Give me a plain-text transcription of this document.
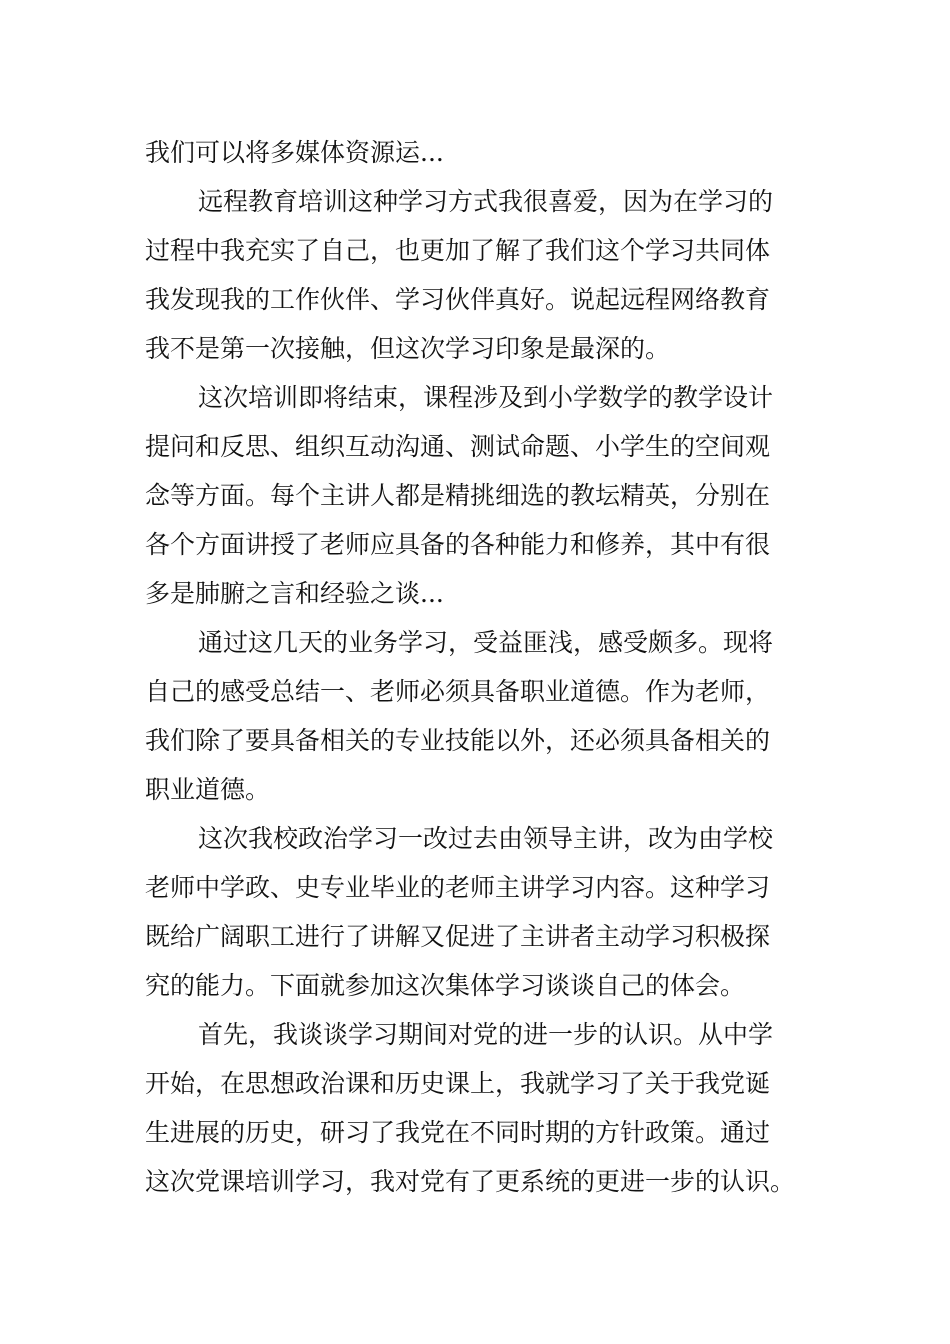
我们可以将多媒体资源运...
远程教育培训这种学习方式我很喜爱，因为在学习的
过程中我充实了自己，也更加了解了我们这个学习共同体
我发现我的工作伙伴、学习伙伴真好。说起远程网络教育
我不是第一次接触，但这次学习印象是最深的。
这次培训即将结束，课程涉及到小学数学的教学设计
提问和反思、组织互动沟通、测试命题、小学生的空间观
念等方面。每个主讲人都是精挑细选的教坛精英，分别在
各个方面讲授了老师应具备的各种能力和修养，其中有很
多是肺腑之言和经验之谈...
通过这几天的业务学习，受益匪浅，感受颇多。现将
自己的感受总结一、老师必须具备职业道德。作为老师，
我们除了要具备相关的专业技能以外，还必须具备相关的
职业道德。
这次我校政治学习一改过去由领导主讲，改为由学校
老师中学政、史专业毕业的老师主讲学习内容。这种学习
既给广阔职工进行了讲解又促进了主讲者主动学习积极探
究的能力。下面就参加这次集体学习谈谈自己的体会。
首先，我谈谈学习期间对党的进一步的认识。从中学
开始，在思想政治课和历史课上，我就学习了关于我党诞
生进展的历史，研习了我党在不同时期的方针政策。通过
这次党课培训学习，我对党有了更系统的更进一步的认识。
